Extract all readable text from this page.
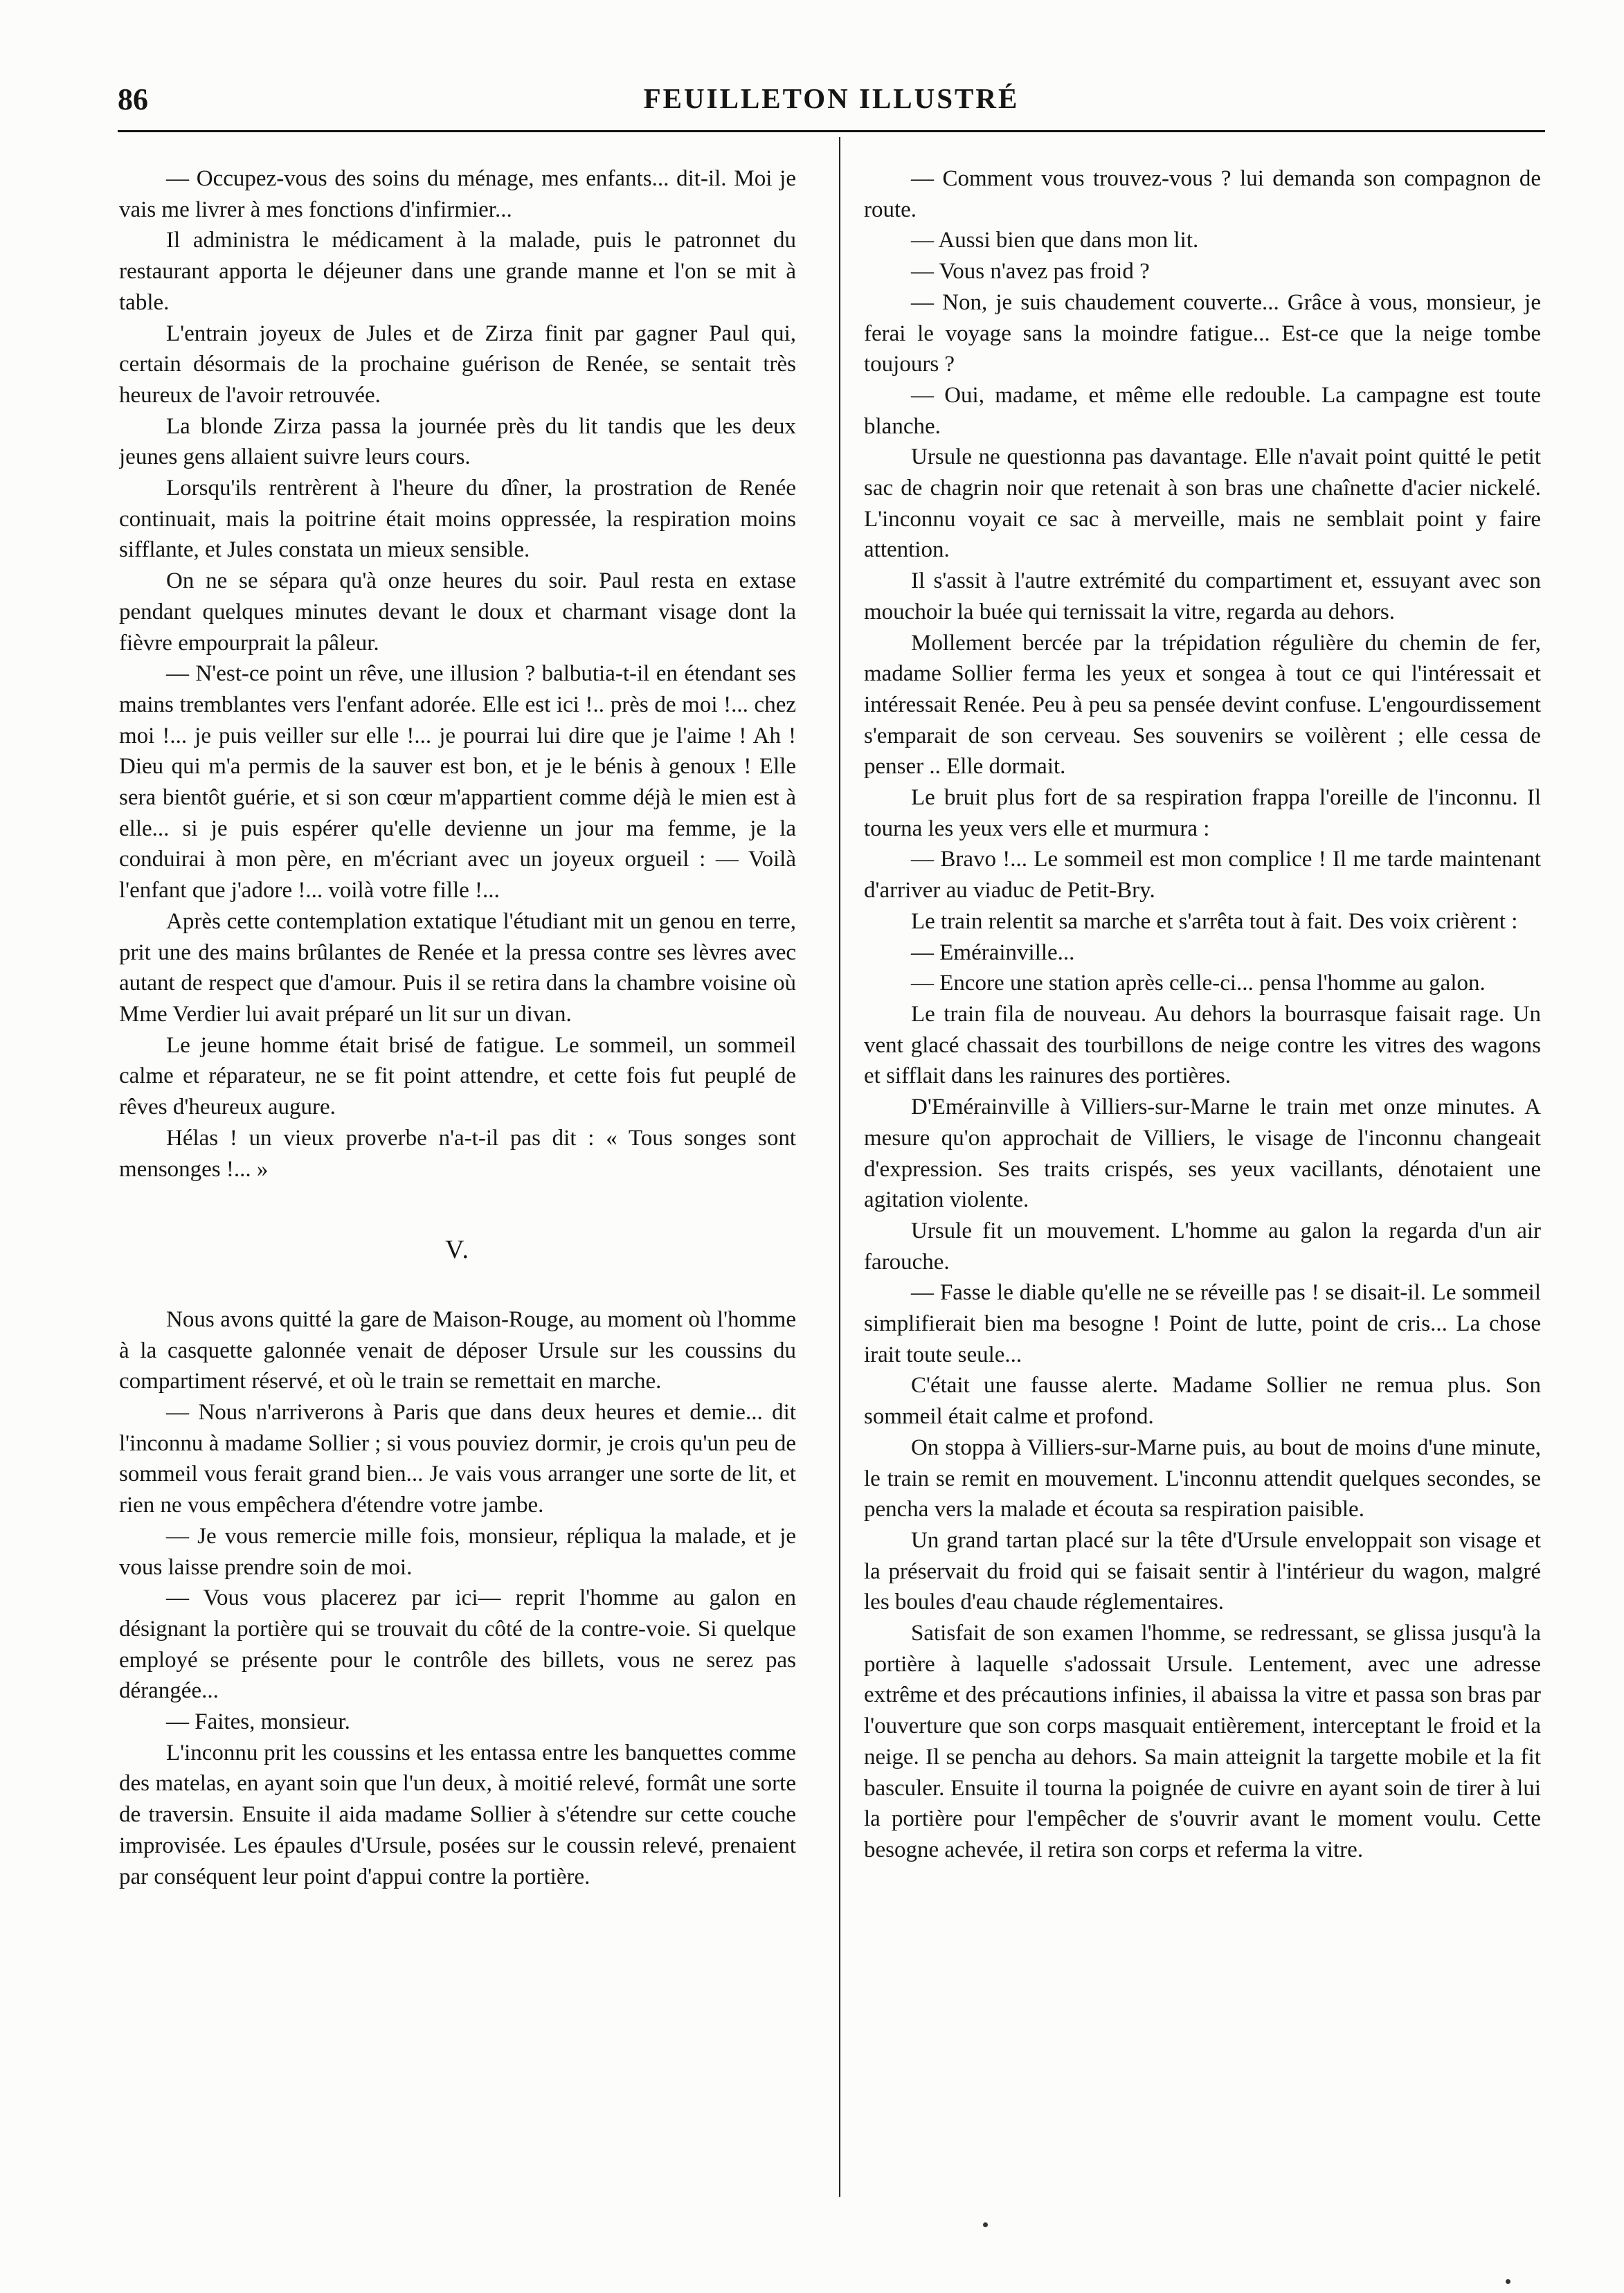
86	FEUILLETON ILLUSTRÉ

— Occupez-vous des soins du ménage, mes enfants... dit-il. Moi je vais me livrer à mes fonctions d'infirmier...

Il administra le médicament à la malade, puis le patronnet du restaurant apporta le déjeuner dans une grande manne et l'on se mit à table.

L'entrain joyeux de Jules et de Zirza finit par gagner Paul qui, certain désormais de la prochaine guérison de Renée, se sentait très heureux de l'avoir retrouvée.

La blonde Zirza passa la journée près du lit tandis que les deux jeunes gens allaient suivre leurs cours.

Lorsqu'ils rentrèrent à l'heure du dîner, la prostration de Renée continuait, mais la poitrine était moins oppressée, la respiration moins sifflante, et Jules constata un mieux sensible.

On ne se sépara qu'à onze heures du soir. Paul resta en extase pendant quelques minutes devant le doux et charmant visage dont la fièvre empourprait la pâleur.

— N'est-ce point un rêve, une illusion ? balbutia-t-il en étendant ses mains tremblantes vers l'enfant adorée. Elle est ici !.. près de moi !... chez moi !... je puis veiller sur elle !... je pourrai lui dire que je l'aime ! Ah ! Dieu qui m'a permis de la sauver est bon, et je le bénis à genoux ! Elle sera bientôt guérie, et si son cœur m'appartient comme déjà le mien est à elle... si je puis espérer qu'elle devienne un jour ma femme, je la conduirai à mon père, en m'écriant avec un joyeux orgueil : — Voilà l'enfant que j'adore !... voilà votre fille !...

Après cette contemplation extatique l'étudiant mit un genou en terre, prit une des mains brûlantes de Renée et la pressa contre ses lèvres avec autant de respect que d'amour. Puis il se retira dans la chambre voisine où Mme Verdier lui avait préparé un lit sur un divan.

Le jeune homme était brisé de fatigue. Le sommeil, un sommeil calme et réparateur, ne se fit point attendre, et cette fois fut peuplé de rêves d'heureux augure.

Hélas ! un vieux proverbe n'a-t-il pas dit : « Tous songes sont mensonges !... »

V.

Nous avons quitté la gare de Maison-Rouge, au moment où l'homme à la casquette galonnée venait de déposer Ursule sur les coussins du compartiment réservé, et où le train se remettait en marche.

— Nous n'arriverons à Paris que dans deux heures et demie... dit l'inconnu à madame Sollier ; si vous pouviez dormir, je crois qu'un peu de sommeil vous ferait grand bien... Je vais vous arranger une sorte de lit, et rien ne vous empêchera d'étendre votre jambe.

— Je vous remercie mille fois, monsieur, répliqua la malade, et je vous laisse prendre soin de moi.

— Vous vous placerez par ici— reprit l'homme au galon en désignant la portière qui se trouvait du côté de la contre-voie. Si quelque employé se présente pour le contrôle des billets, vous ne serez pas dérangée...

— Faites, monsieur.

L'inconnu prit les coussins et les entassa entre les banquettes comme des matelas, en ayant soin que l'un deux, à moitié relevé, formât une sorte de traversin. Ensuite il aida madame Sollier à s'étendre sur cette couche improvisée. Les épaules d'Ursule, posées sur le coussin relevé, prenaient par conséquent leur point d'appui contre la portière.

— Comment vous trouvez-vous ? lui demanda son compagnon de route.

— Aussi bien que dans mon lit.

— Vous n'avez pas froid ?

— Non, je suis chaudement couverte... Grâce à vous, monsieur, je ferai le voyage sans la moindre fatigue... Est-ce que la neige tombe toujours ?

— Oui, madame, et même elle redouble. La campagne est toute blanche.

Ursule ne questionna pas davantage. Elle n'avait point quitté le petit sac de chagrin noir que retenait à son bras une chaînette d'acier nickelé. L'inconnu voyait ce sac à merveille, mais ne semblait point y faire attention.

Il s'assit à l'autre extrémité du compartiment et, essuyant avec son mouchoir la buée qui ternissait la vitre, regarda au dehors.

Mollement bercée par la trépidation régulière du chemin de fer, madame Sollier ferma les yeux et songea à tout ce qui l'intéressait et intéressait Renée. Peu à peu sa pensée devint confuse. L'engourdissement s'emparait de son cerveau. Ses souvenirs se voilèrent ; elle cessa de penser .. Elle dormait.

Le bruit plus fort de sa respiration frappa l'oreille de l'inconnu. Il tourna les yeux vers elle et murmura :

— Bravo !... Le sommeil est mon complice ! Il me tarde maintenant d'arriver au viaduc de Petit-Bry.

Le train relentit sa marche et s'arrêta tout à fait. Des voix crièrent :

— Emérainville...

— Encore une station après celle-ci... pensa l'homme au galon.

Le train fila de nouveau. Au dehors la bourrasque faisait rage. Un vent glacé chassait des tourbillons de neige contre les vitres des wagons et sifflait dans les rainures des portières.

D'Emérainville à Villiers-sur-Marne le train met onze minutes. A mesure qu'on approchait de Villiers, le visage de l'inconnu changeait d'expression. Ses traits crispés, ses yeux vacillants, dénotaient une agitation violente.

Ursule fit un mouvement. L'homme au galon la regarda d'un air farouche.

— Fasse le diable qu'elle ne se réveille pas ! se disait-il. Le sommeil simplifierait bien ma besogne ! Point de lutte, point de cris... La chose irait toute seule...

C'était une fausse alerte. Madame Sollier ne remua plus. Son sommeil était calme et profond.

On stoppa à Villiers-sur-Marne puis, au bout de moins d'une minute, le train se remit en mouvement. L'inconnu attendit quelques secondes, se pencha vers la malade et écouta sa respiration paisible.

Un grand tartan placé sur la tête d'Ursule enveloppait son visage et la préservait du froid qui se faisait sentir à l'intérieur du wagon, malgré les boules d'eau chaude réglementaires.

Satisfait de son examen l'homme, se redressant, se glissa jusqu'à la portière à laquelle s'adossait Ursule. Lentement, avec une adresse extrême et des précautions infinies, il abaissa la vitre et passa son bras par l'ouverture que son corps masquait entièrement, interceptant le froid et la neige. Il se pencha au dehors. Sa main atteignit la targette mobile et la fit basculer. Ensuite il tourna la poignée de cuivre en ayant soin de tirer à lui la portière pour l'empêcher de s'ouvrir avant le moment voulu. Cette besogne achevée, il retira son corps et referma la vitre.
